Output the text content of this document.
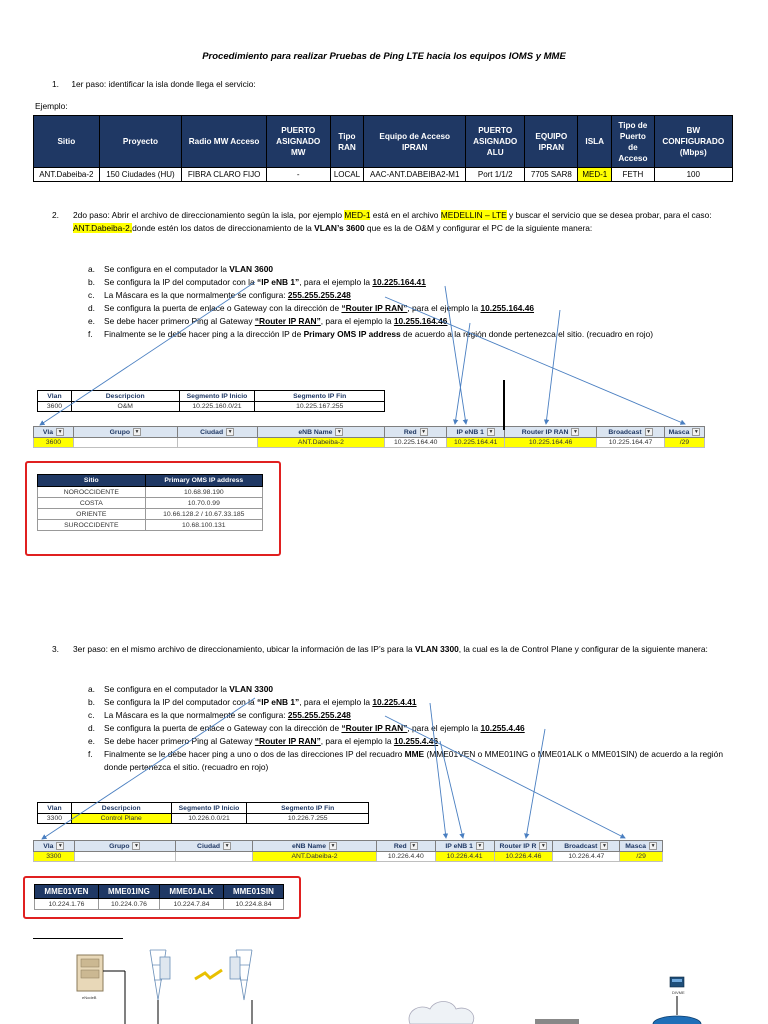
Procedimiento para realizar Pruebas de Ping LTE hacia los equipos IOMS y MME
1. 1er paso: identificar la isla donde llega el servicio:
Ejemplo:
Sitio	Proyecto	Radio MW Acceso	PUERTO ASIGNADO MW	Tipo RAN	Equipo de Acceso IPRAN	PUERTO ASIGNADO ALU	EQUIPO IPRAN	ISLA	Tipo de Puerto de Acceso	BW CONFIGURADO (Mbps)
ANT.Dabeiba-2	150 Ciudades (HU)	FIBRA CLARO FIJO	-	LOCAL	AAC-ANT.DABEIBA2-M1	Port 1/1/2	7705 SAR8	MED-1	FETH	100
2. 2do paso: Abrir el archivo de direccionamiento según la isla, por ejemplo MED-1 está en el archivo MEDELLIN – LTE y buscar el servicio que se desea probar, para el caso: ANT.Dabeiba-2,donde estén los datos de direccionamiento de la VLAN’s 3600 que es la de O&M y configurar el PC de la siguiente manera:
a. Se configura en el computador la VLAN 3600
b. Se configura la IP del computador con la “IP eNB 1”, para el ejemplo la 10.225.164.41
c. La Máscara es la que normalmente se configura: 255.255.255.248
d. Se configura la puerta de enlace o Gateway con la dirección de “Router IP RAN”, para el ejemplo la 10.255.164.46
e. Se debe hacer primero Ping al Gateway “Router IP RAN”, para el ejemplo la 10.255.164.46
f. Finalmente se le debe hacer ping a la dirección IP de Primary OMS IP address de acuerdo a la región donde pertenezca el sitio. (recuadro en rojo)
Vlan	Descripcion	Segmento IP Inicio	Segmento IP Fin
3600	O&M	10.225.160.0/21	10.225.167.255
Vla ▼	Grupo ▼	Ciudad ▼	eNB Name ▼	Red ▼	IP eNB 1 ▼	Router IP RAN ▼	Broadcast ▼	Masca ▼
3600			ANT.Dabeiba-2	10.225.164.40	10.225.164.41	10.225.164.46	10.225.164.47	/29
Sitio	Primary OMS IP address
NOROCCIDENTE	10.68.98.190
COSTA	10.70.0.99
ORIENTE	10.66.128.2 / 10.67.33.185
SUROCCIDENTE	10.68.100.131
3. 3er paso: en el mismo archivo de direccionamiento, ubicar la información de las IP’s para la VLAN 3300, la cual es la de Control Plane y configurar de la siguiente manera:
a. Se configura en el computador la VLAN 3300
b. Se configura la IP del computador con la “IP eNB 1”, para el ejemplo la 10.225.4.41
c. La Máscara es la que normalmente se configura: 255.255.255.248
d. Se configura la puerta de enlace o Gateway con la dirección de “Router IP RAN”, para el ejemplo la 10.255.4.46
e. Se debe hacer primero Ping al Gateway “Router IP RAN”, para el ejemplo la 10.255.4.46
f. Finalmente se le debe hacer ping a uno o dos de las direcciones IP del recuadro MME (MME01VEN o MME01ING o MME01ALK o MME01SIN) de acuerdo a la región donde pertenezca el sitio. (recuadro en rojo)
Vlan	Descripcion	Segmento IP Inicio	Segmento IP Fin
3300	Control Plane	10.226.0.0/21	10.226.7.255
Vla ▼	Grupo ▼	Ciudad ▼	eNB Name ▼	Red ▼	IP eNB 1 ▼	Router IP R ▼	Broadcast ▼	Masca ▼
3300			ANT.Dabeiba-2	10.226.4.40	10.226.4.41	10.226.4.46	10.226.4.47	/29
MME01VEN	MME01ING	MME01ALK	MME01SIN
10.224.1.76	10.224.0.76	10.224.7.84	10.224.8.84
eNodeB
DIVME
